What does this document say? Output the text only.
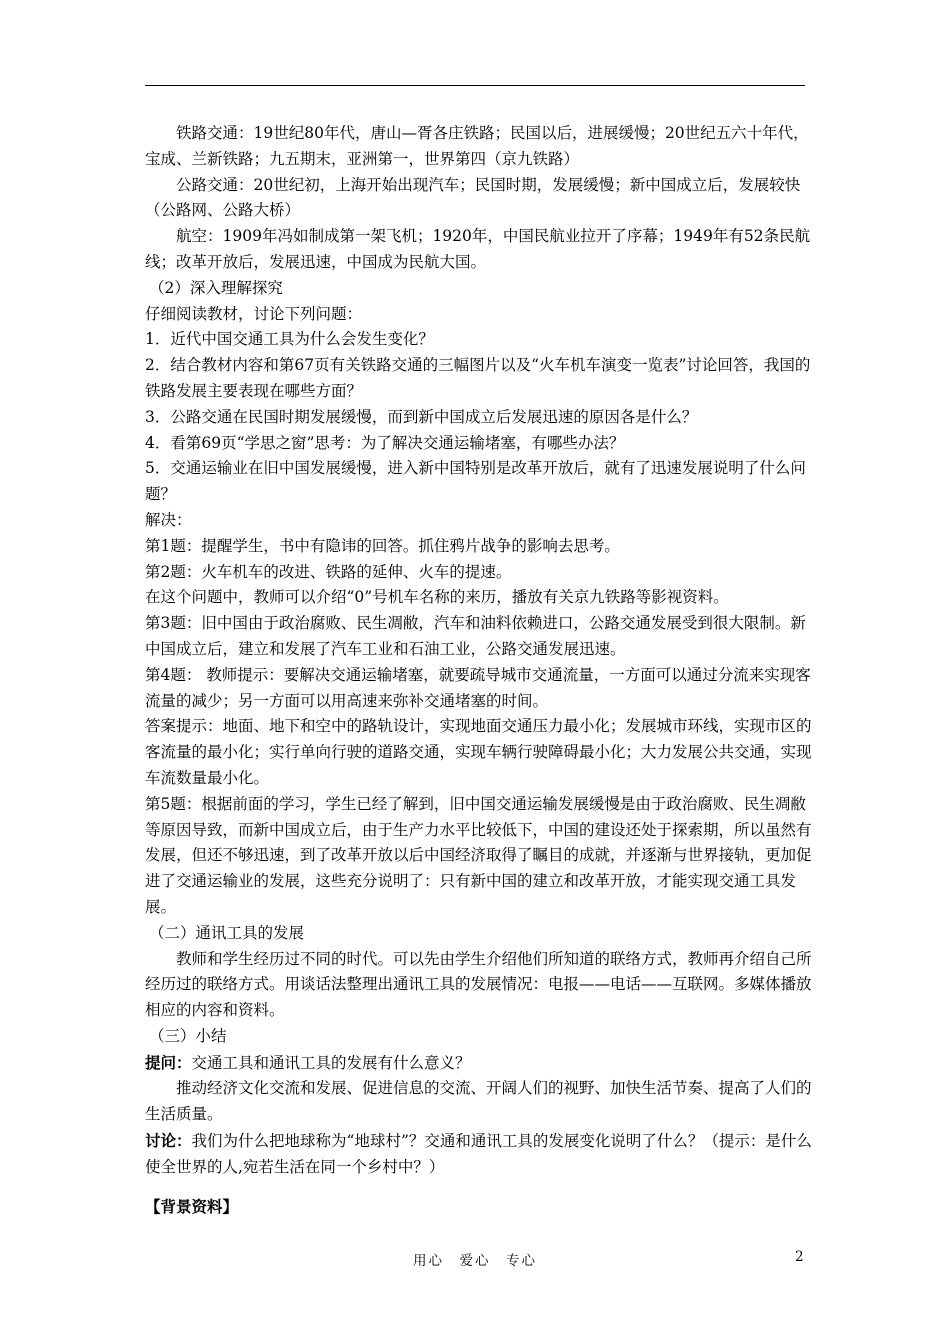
铁路交通：19世纪80年代，唐山—胥各庄铁路；民国以后，进展缓慢；20世纪五六十年代，宝成、兰新铁路；九五期末，亚洲第一，世界第四（京九铁路）

公路交通：20世纪初，上海开始出现汽车；民国时期，发展缓慢；新中国成立后，发展较快（公路网、公路大桥）

航空：1909年冯如制成第一架飞机；1920年，中国民航业拉开了序幕；1949年有52条民航线；改革开放后，发展迅速，中国成为民航大国。

（2）深入理解探究

仔细阅读教材，讨论下列问题：

1．近代中国交通工具为什么会发生变化？

2．结合教材内容和第67页有关铁路交通的三幅图片以及“火车机车演变一览表”讨论回答，我国的铁路发展主要表现在哪些方面？

3．公路交通在民国时期发展缓慢，而到新中国成立后发展迅速的原因各是什么？

4．看第69页“学思之窗”思考：为了解决交通运输堵塞，有哪些办法？

5．交通运输业在旧中国发展缓慢，进入新中国特别是改革开放后，就有了迅速发展说明了什么问题？

解决：

第1题：提醒学生，书中有隐讳的回答。抓住鸦片战争的影响去思考。

第2题：火车机车的改进、铁路的延伸、火车的提速。

在这个问题中，教师可以介绍“0”号机车名称的来历，播放有关京九铁路等影视资料。

第3题：旧中国由于政治腐败、民生凋敝，汽车和油料依赖进口，公路交通发展受到很大限制。新中国成立后，建立和发展了汽车工业和石油工业，公路交通发展迅速。

第4题： 教师提示：要解决交通运输堵塞，就要疏导城市交通流量，一方面可以通过分流来实现客流量的减少；另一方面可以用高速来弥补交通堵塞的时间。

答案提示：地面、地下和空中的路轨设计，实现地面交通压力最小化；发展城市环线，实现市区的客流量的最小化；实行单向行驶的道路交通，实现车辆行驶障碍最小化；大力发展公共交通，实现车流数量最小化。

第5题：根据前面的学习，学生已经了解到，旧中国交通运输发展缓慢是由于政治腐败、民生凋敝等原因导致，而新中国成立后，由于生产力水平比较低下，中国的建设还处于探索期，所以虽然有发展，但还不够迅速，到了改革开放以后中国经济取得了瞩目的成就，并逐渐与世界接轨，更加促进了交通运输业的发展，这些充分说明了：只有新中国的建立和改革开放，才能实现交通工具发展。

（二）通讯工具的发展

教师和学生经历过不同的时代。可以先由学生介绍他们所知道的联络方式，教师再介绍自己所经历过的联络方式。用谈话法整理出通讯工具的发展情况：电报——电话——互联网。多媒体播放相应的内容和资料。

（三）小结

提问：交通工具和通讯工具的发展有什么意义？

推动经济文化交流和发展、促进信息的交流、开阔人们的视野、加快生活节奏、提高了人们的生活质量。

讨论：我们为什么把地球称为“地球村”？交通和通讯工具的发展变化说明了什么？（提示：是什么使全世界的人,宛若生活在同一个乡村中？）

【背景资料】
用心　爱心　专心	2
